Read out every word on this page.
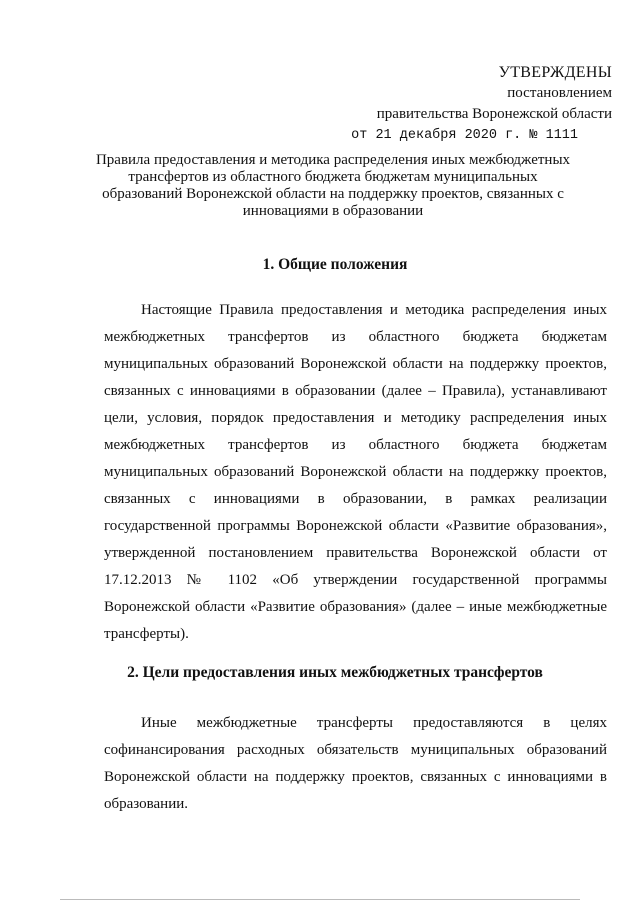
УТВЕРЖДЕНЫ
постановлением
правительства Воронежской области
от 21 декабря 2020 г. № 1111
Правила предоставления и методика распределения иных межбюджетных трансфертов из областного бюджета бюджетам муниципальных образований Воронежской области на поддержку проектов, связанных с инновациями в образовании
1. Общие положения

Настоящие Правила предоставления и методика распределения иных межбюджетных трансфертов из областного бюджета бюджетам муниципальных образований Воронежской области на поддержку проектов, связанных с инновациями в образовании (далее – Правила), устанавливают цели, условия, порядок предоставления и методику распределения иных межбюджетных трансфертов из областного бюджета бюджетам муниципальных образований Воронежской области на поддержку проектов, связанных с инновациями в образовании, в рамках реализации государственной программы Воронежской области «Развитие образования», утвержденной постановлением правительства Воронежской области от 17.12.2013 № 1102 «Об утверждении государственной программы Воронежской области «Развитие образования» (далее – иные межбюджетные трансферты).

2. Цели предоставления иных межбюджетных трансфертов

Иные межбюджетные трансферты предоставляются в целях софинансирования расходных обязательств муниципальных образований Воронежской области на поддержку проектов, связанных с инновациями в образовании.
